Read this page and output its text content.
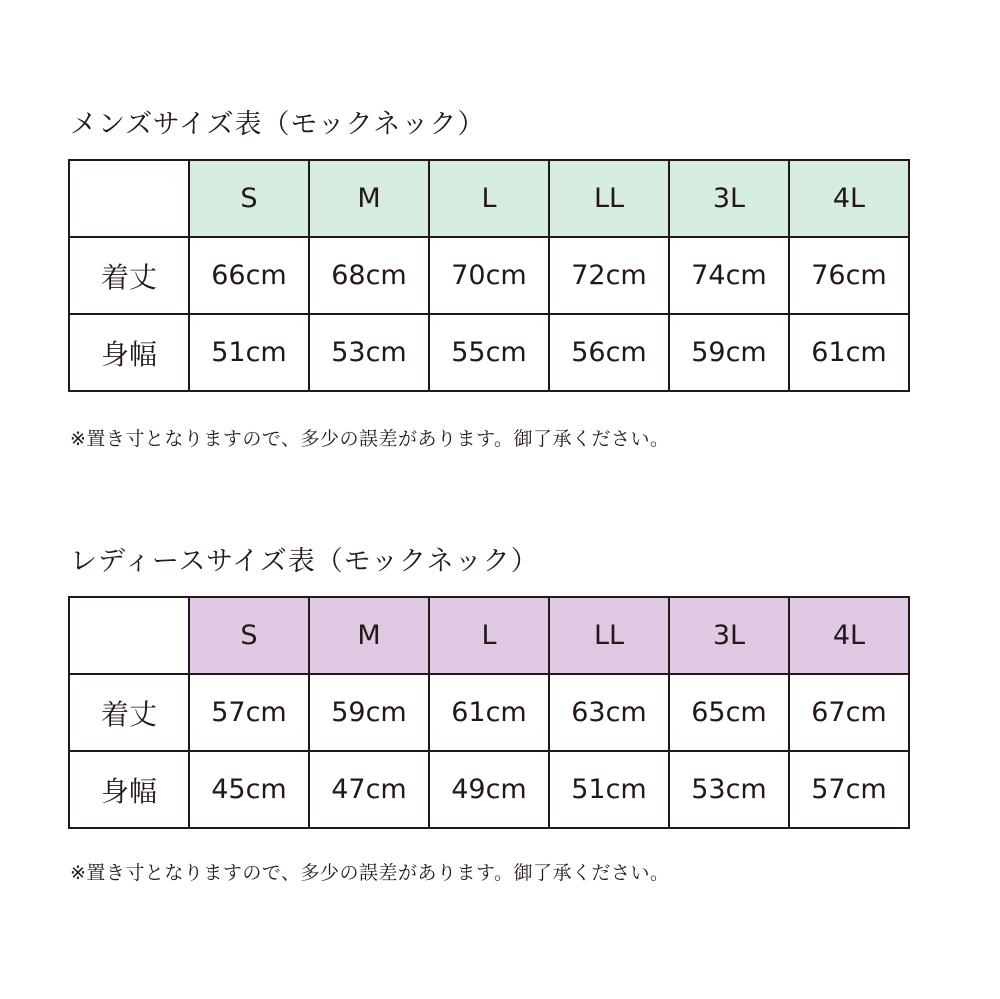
メンズサイズ表（モックネック）
	S	M	L	LL	3L	4L
着丈	66cm	68cm	70cm	72cm	74cm	76cm
身幅	51cm	53cm	55cm	56cm	59cm	61cm
※置き寸となりますので、多少の誤差があります。御了承ください。
レディースサイズ表（モックネック）
	S	M	L	LL	3L	4L
着丈	57cm	59cm	61cm	63cm	65cm	67cm
身幅	45cm	47cm	49cm	51cm	53cm	57cm
※置き寸となりますので、多少の誤差があります。御了承ください。
